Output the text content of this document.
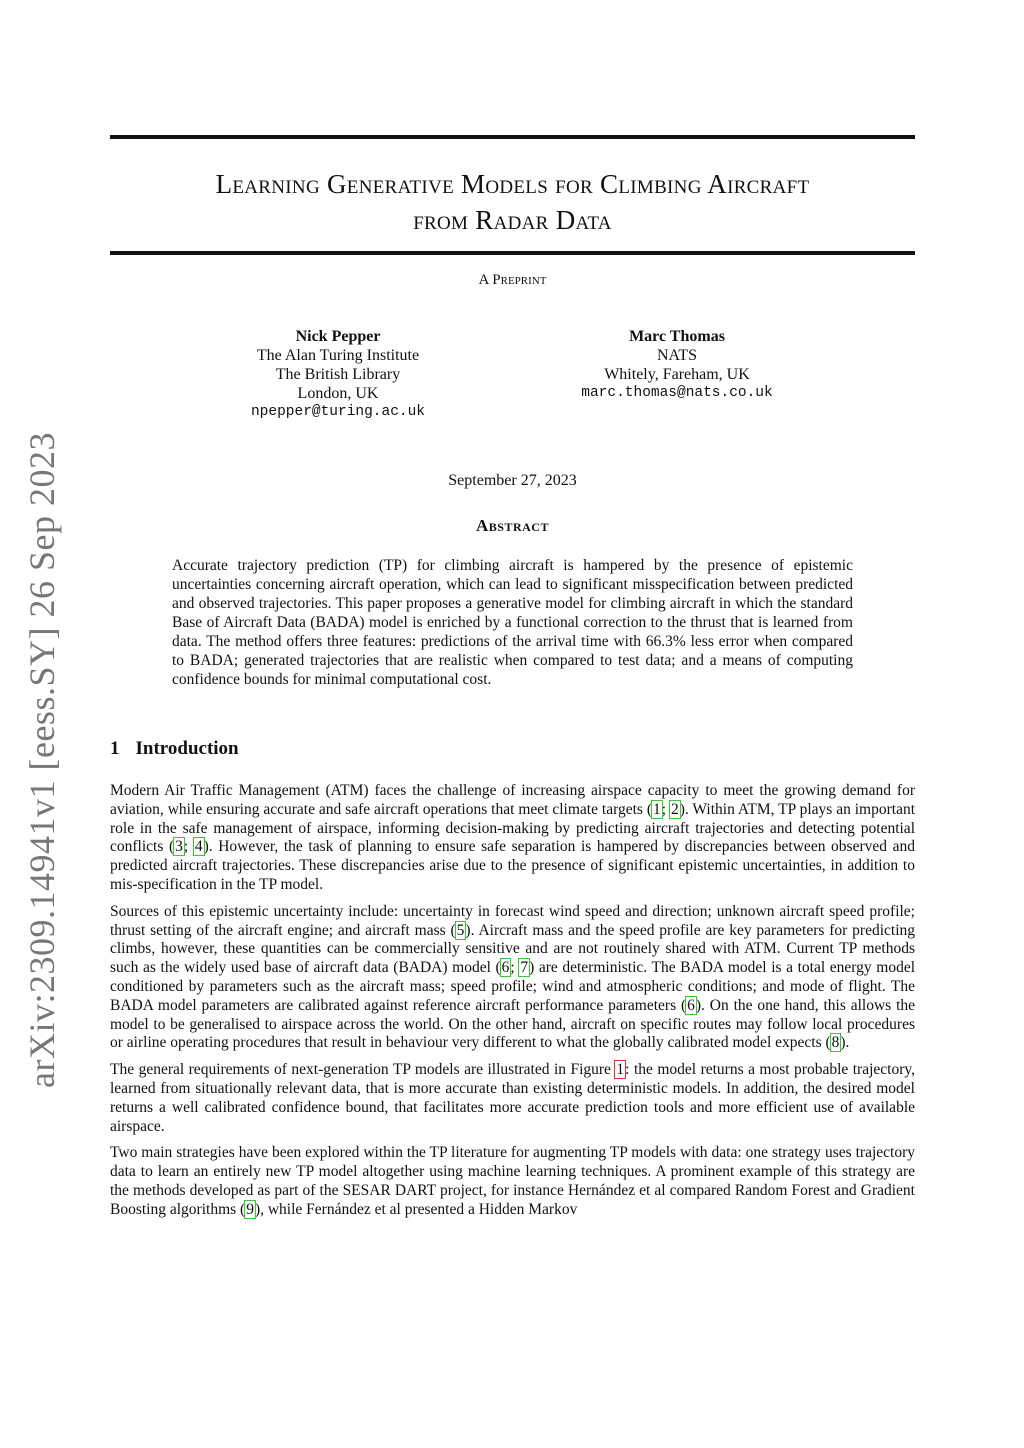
arXiv:2309.14941v1 [eess.SY] 26 Sep 2023
Learning Generative Models for Climbing Aircraft
from Radar Data
A Preprint
Nick Pepper
The Alan Turing Institute
The British Library
London, UK
npepper@turing.ac.uk
Marc Thomas
NATS
Whitely, Fareham, UK
marc.thomas@nats.co.uk
September 27, 2023
Abstract

Accurate trajectory prediction (TP) for climbing aircraft is hampered by the presence of epistemic uncertainties concerning aircraft operation, which can lead to significant misspecification between predicted and observed trajectories. This paper proposes a generative model for climbing aircraft in which the standard Base of Aircraft Data (BADA) model is enriched by a functional correction to the thrust that is learned from data. The method offers three features: predictions of the arrival time with 66.3% less error when compared to BADA; generated trajectories that are realistic when compared to test data; and a means of computing confidence bounds for minimal computational cost.

1 Introduction

Modern Air Traffic Management (ATM) faces the challenge of increasing airspace capacity to meet the growing demand for aviation, while ensuring accurate and safe aircraft operations that meet climate targets (1; 2). Within ATM, TP plays an important role in the safe management of airspace, informing decision-making by predicting aircraft trajectories and detecting potential conflicts (3; 4). However, the task of planning to ensure safe separation is hampered by discrepancies between observed and predicted aircraft trajectories. These discrepancies arise due to the presence of significant epistemic uncertainties, in addition to mis-specification in the TP model.

Sources of this epistemic uncertainty include: uncertainty in forecast wind speed and direction; unknown aircraft speed profile; thrust setting of the aircraft engine; and aircraft mass (5). Aircraft mass and the speed profile are key parameters for predicting climbs, however, these quantities can be commercially sensitive and are not routinely shared with ATM. Current TP methods such as the widely used base of aircraft data (BADA) model (6; 7) are deterministic. The BADA model is a total energy model conditioned by parameters such as the aircraft mass; speed profile; wind and atmospheric conditions; and mode of flight. The BADA model parameters are calibrated against reference aircraft performance parameters (6). On the one hand, this allows the model to be generalised to airspace across the world. On the other hand, aircraft on specific routes may follow local procedures or airline operating procedures that result in behaviour very different to what the globally calibrated model expects (8).

The general requirements of next-generation TP models are illustrated in Figure 1: the model returns a most probable trajectory, learned from situationally relevant data, that is more accurate than existing deterministic models. In addition, the desired model returns a well calibrated confidence bound, that facilitates more accurate prediction tools and more efficient use of available airspace.

Two main strategies have been explored within the TP literature for augmenting TP models with data: one strategy uses trajectory data to learn an entirely new TP model altogether using machine learning techniques. A prominent example of this strategy are the methods developed as part of the SESAR DART project, for instance Hernández et al compared Random Forest and Gradient Boosting algorithms (9), while Fernández et al presented a Hidden Markov
